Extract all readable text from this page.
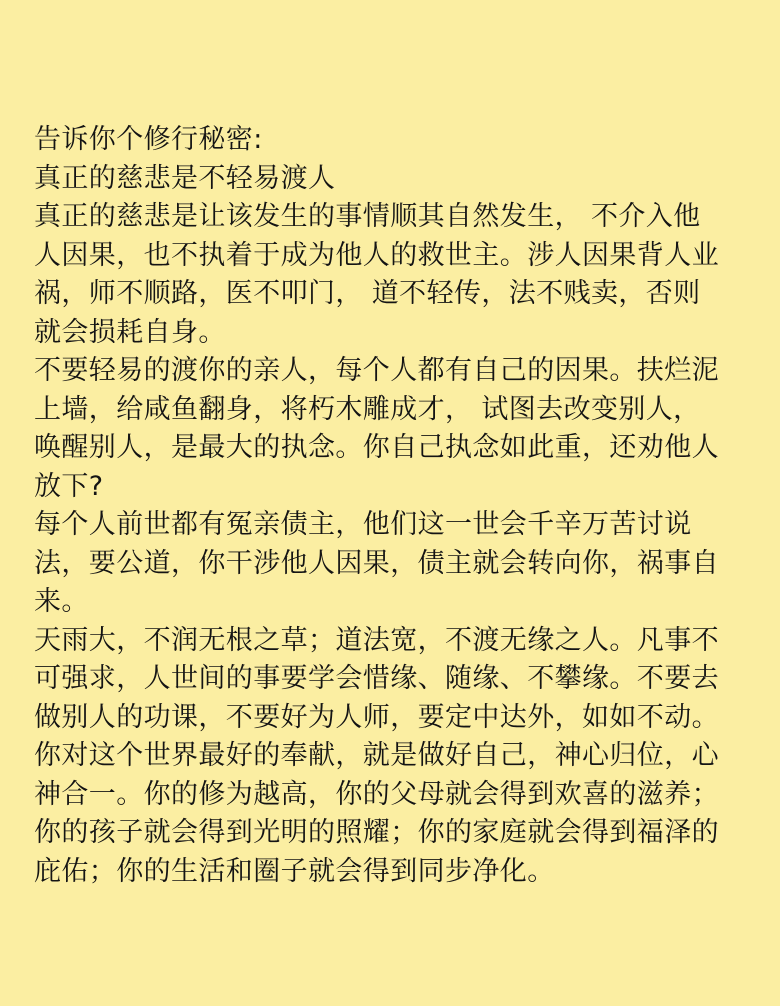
告诉你个修行秘密:

真正的慈悲是不轻易渡人

真正的慈悲是让该发生的事情顺其自然发生， 不介入他
人因果，也不执着于成为他人的救世主。涉人因果背人业
祸，师不顺路，医不叩门， 道不轻传，法不贱卖，否则
就会损耗自身。

不要轻易的渡你的亲人，每个人都有自己的因果。扶烂泥
上墙，给咸鱼翻身，将朽木雕成才， 试图去改变别人，
唤醒别人，是最大的执念。你自己执念如此重，还劝他人
放下?

每个人前世都有冤亲债主，他们这一世会千辛万苦讨说
法，要公道，你干涉他人因果，债主就会转向你，祸事自
来。

天雨大，不润无根之草；道法宽，不渡无缘之人。凡事不
可强求，人世间的事要学会惜缘、随缘、不攀缘。不要去
做别人的功课，不要好为人师，要定中达外，如如不动。
你对这个世界最好的奉献，就是做好自己，神心归位，心
神合一。你的修为越高，你的父母就会得到欢喜的滋养；
你的孩子就会得到光明的照耀；你的家庭就会得到福泽的
庇佑；你的生活和圈子就会得到同步净化。
